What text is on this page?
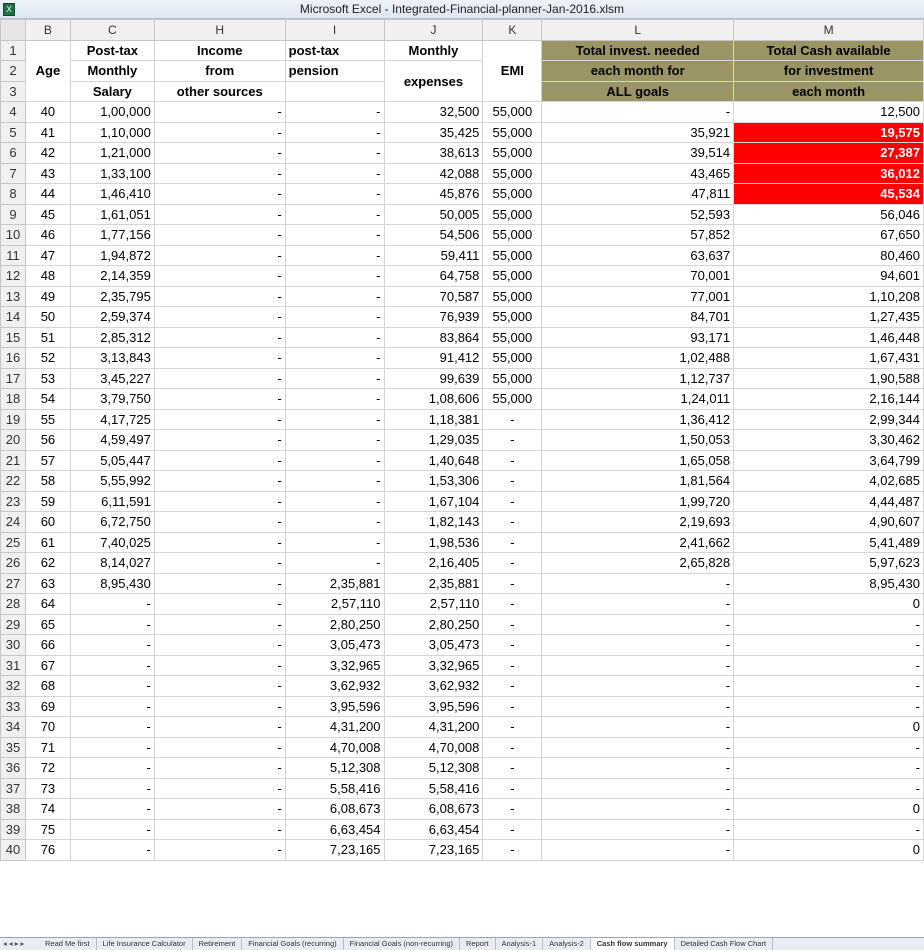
X	Microsoft Excel - Integrated-Financial-planner-Jan-2016.xlsm
	B	C	H	I	J	K	L	M
1	Age	Post-tax	Income	post-tax	Monthly	EMI	Total invest. needed	Total Cash available
2		Monthly	from	pension	expenses		each month for	for investment
3		Salary	other sources				ALL goals	each month
4	40	1,00,000	-	-	32,500	55,000	-	12,500
5	41	1,10,000	-	-	35,425	55,000	35,921	19,575
6	42	1,21,000	-	-	38,613	55,000	39,514	27,387
7	43	1,33,100	-	-	42,088	55,000	43,465	36,012
8	44	1,46,410	-	-	45,876	55,000	47,811	45,534
9	45	1,61,051	-	-	50,005	55,000	52,593	56,046
10	46	1,77,156	-	-	54,506	55,000	57,852	67,650
11	47	1,94,872	-	-	59,411	55,000	63,637	80,460
12	48	2,14,359	-	-	64,758	55,000	70,001	94,601
13	49	2,35,795	-	-	70,587	55,000	77,001	1,10,208
14	50	2,59,374	-	-	76,939	55,000	84,701	1,27,435
15	51	2,85,312	-	-	83,864	55,000	93,171	1,46,448
16	52	3,13,843	-	-	91,412	55,000	1,02,488	1,67,431
17	53	3,45,227	-	-	99,639	55,000	1,12,737	1,90,588
18	54	3,79,750	-	-	1,08,606	55,000	1,24,011	2,16,144
19	55	4,17,725	-	-	1,18,381	-	1,36,412	2,99,344
20	56	4,59,497	-	-	1,29,035	-	1,50,053	3,30,462
21	57	5,05,447	-	-	1,40,648	-	1,65,058	3,64,799
22	58	5,55,992	-	-	1,53,306	-	1,81,564	4,02,685
23	59	6,11,591	-	-	1,67,104	-	1,99,720	4,44,487
24	60	6,72,750	-	-	1,82,143	-	2,19,693	4,90,607
25	61	7,40,025	-	-	1,98,536	-	2,41,662	5,41,489
26	62	8,14,027	-	-	2,16,405	-	2,65,828	5,97,623
27	63	8,95,430	-	2,35,881	2,35,881	-	-	8,95,430
28	64	-	-	2,57,110	2,57,110	-	-	0
29	65	-	-	2,80,250	2,80,250	-	-	-
30	66	-	-	3,05,473	3,05,473	-	-	-
31	67	-	-	3,32,965	3,32,965	-	-	-
32	68	-	-	3,62,932	3,62,932	-	-	-
33	69	-	-	3,95,596	3,95,596	-	-	-
34	70	-	-	4,31,200	4,31,200	-	-	0
35	71	-	-	4,70,008	4,70,008	-	-	-
36	72	-	-	5,12,308	5,12,308	-	-	-
37	73	-	-	5,58,416	5,58,416	-	-	-
38	74	-	-	6,08,673	6,08,673	-	-	0
39	75	-	-	6,63,454	6,63,454	-	-	-
40	76	-	-	7,23,165	7,23,165	-	-	0
◂ ◂ ▸ ▸	Read Me first Life Insurance Calculator Retirement Financial Goals (recurring) Financial Goals (non-recurring) Report Analysis-1 Analysis-2 Cash flow summary Detailed Cash Flow Chart
